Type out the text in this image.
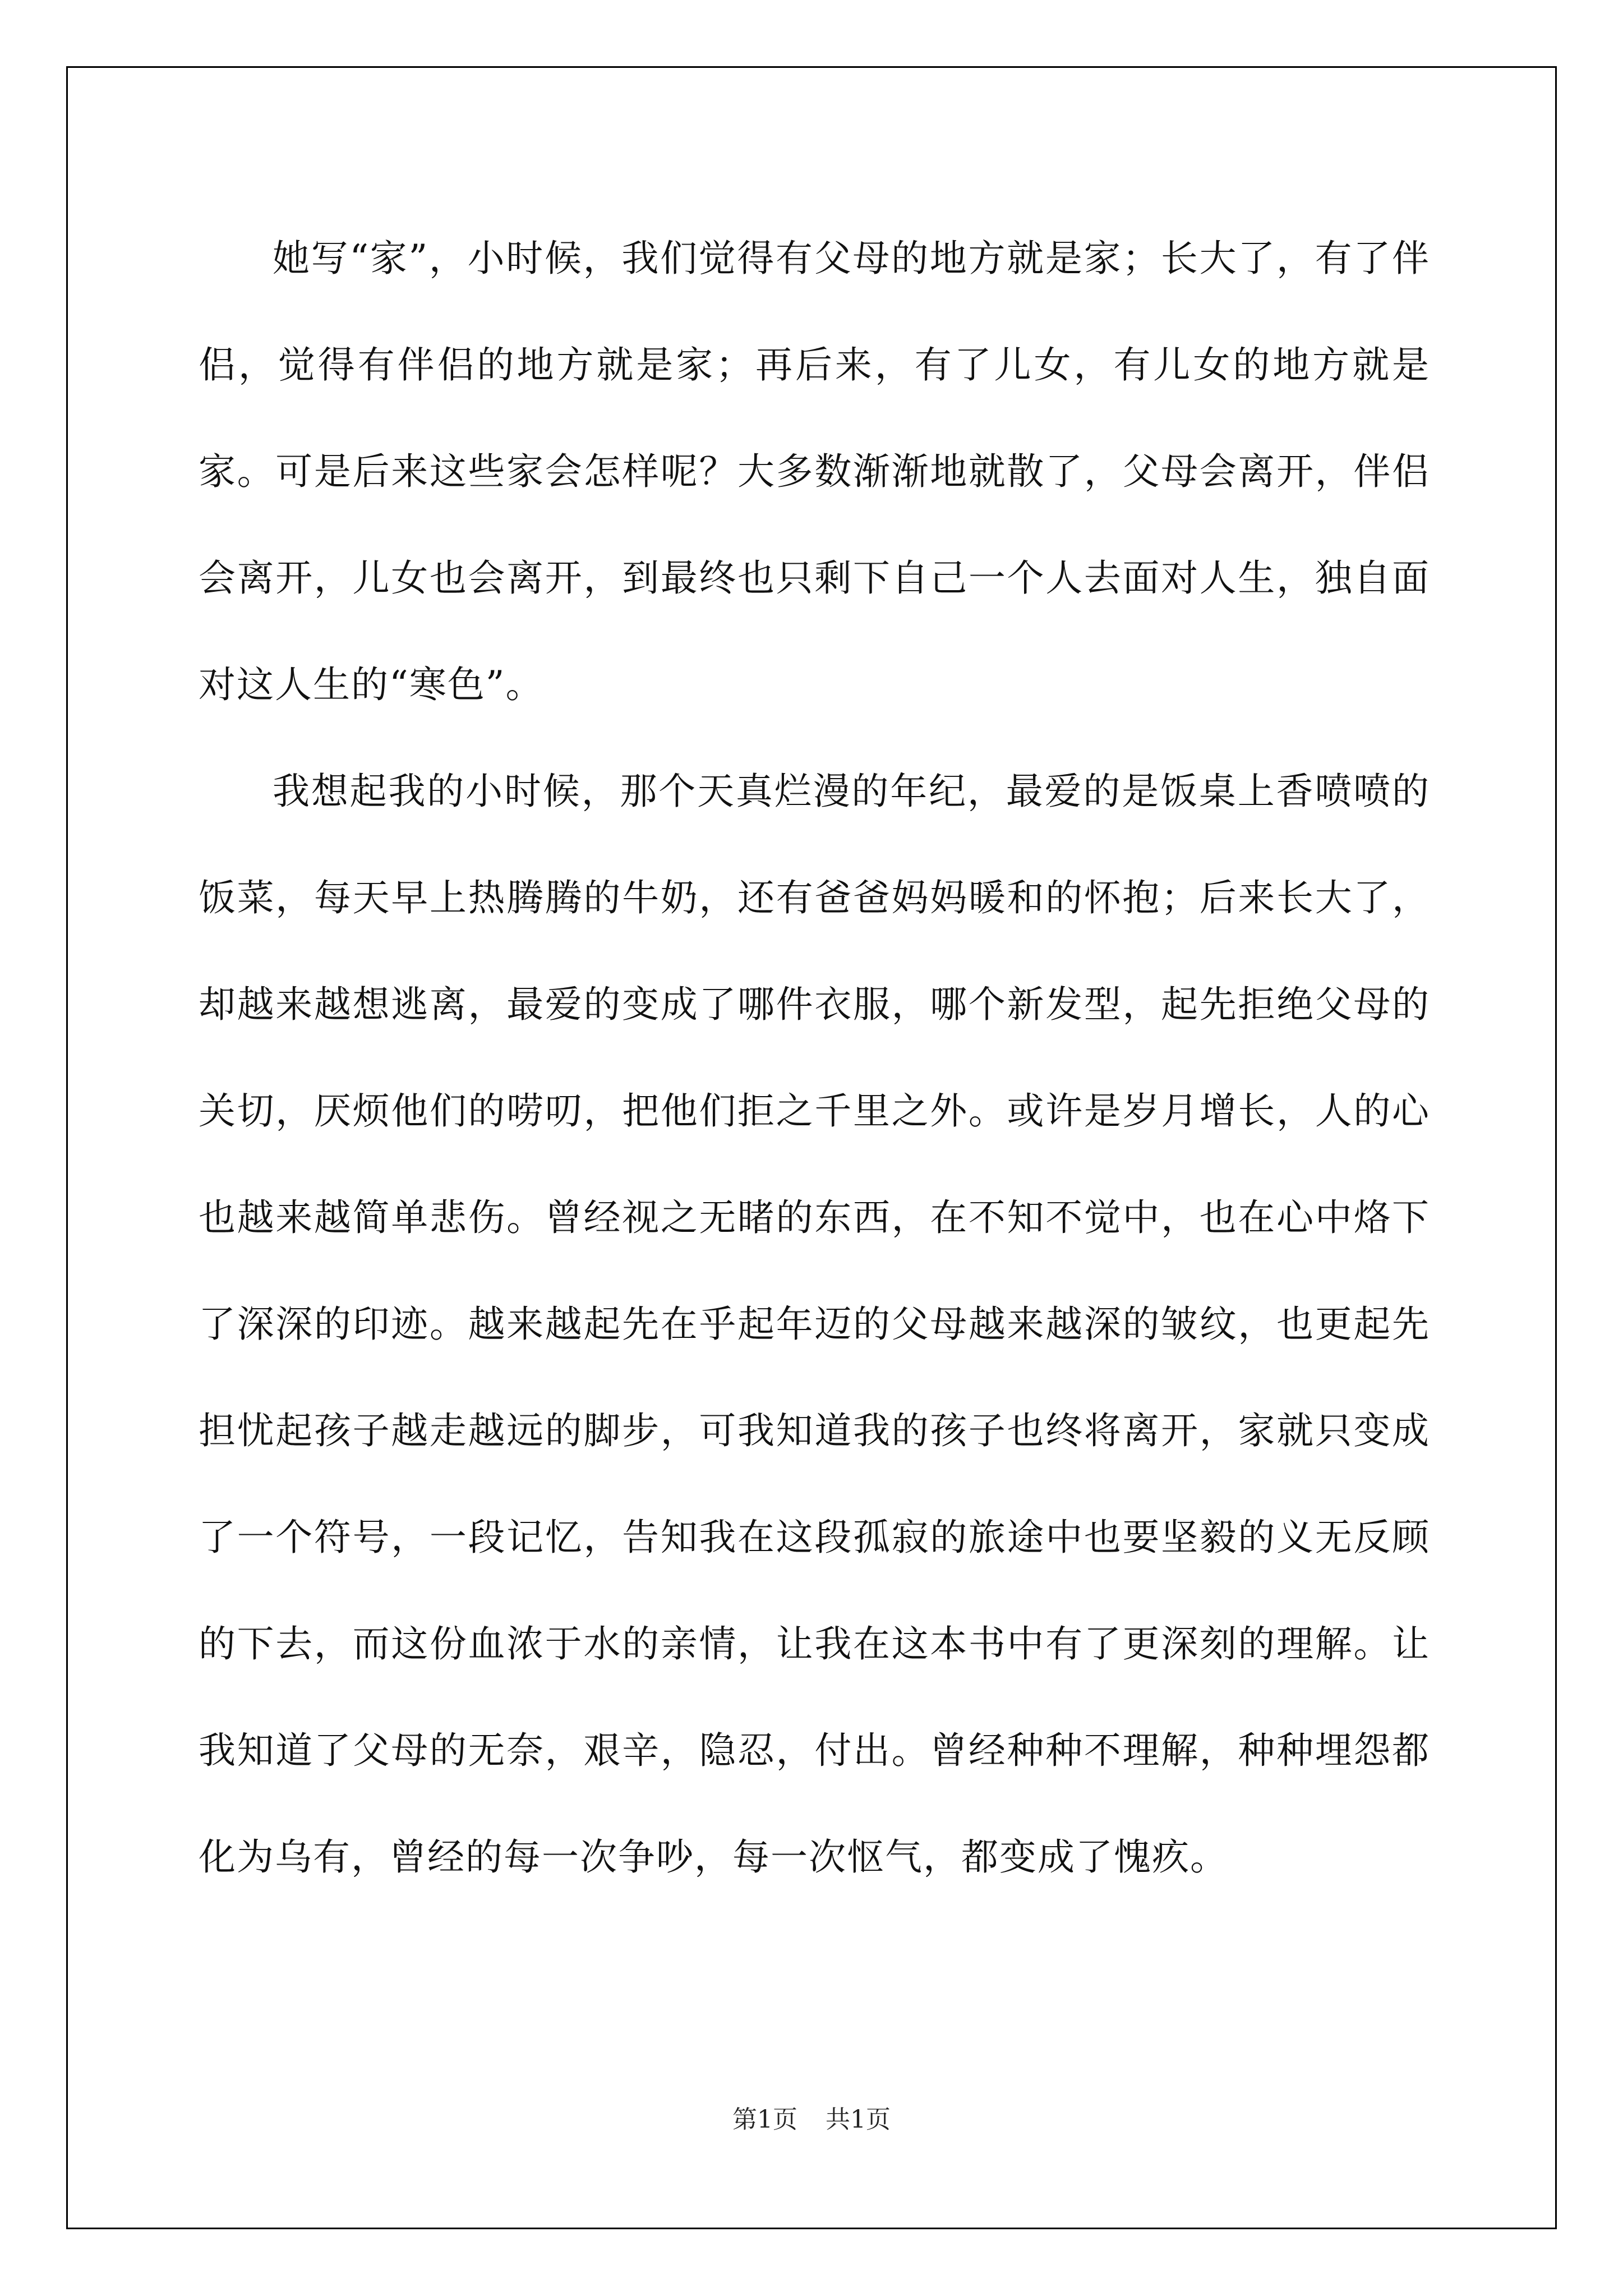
她写“家”，小时候，我们觉得有父母的地方就是家；长大了，有了伴侣，觉得有伴侣的地方就是家；再后来，有了儿女，有儿女的地方就是家。可是后来这些家会怎样呢？大多数渐渐地就散了，父母会离开，伴侣会离开，儿女也会离开，到最终也只剩下自己一个人去面对人生，独自面对这人生的“寒色”。

我想起我的小时候，那个天真烂漫的年纪，最爱的是饭桌上香喷喷的饭菜，每天早上热腾腾的牛奶，还有爸爸妈妈暖和的怀抱；后来长大了，却越来越想逃离，最爱的变成了哪件衣服，哪个新发型，起先拒绝父母的关切，厌烦他们的唠叨，把他们拒之千里之外。或许是岁月增长，人的心也越来越简单悲伤。曾经视之无睹的东西，在不知不觉中，也在心中烙下了深深的印迹。越来越起先在乎起年迈的父母越来越深的皱纹，也更起先担忧起孩子越走越远的脚步，可我知道我的孩子也终将离开，家就只变成了一个符号，一段记忆，告知我在这段孤寂的旅途中也要坚毅的义无反顾的下去，而这份血浓于水的亲情，让我在这本书中有了更深刻的理解。让我知道了父母的无奈，艰辛，隐忍，付出。曾经种种不理解，种种埋怨都化为乌有，曾经的每一次争吵，每一次怄气，都变成了愧疚。

第1页 共1页
